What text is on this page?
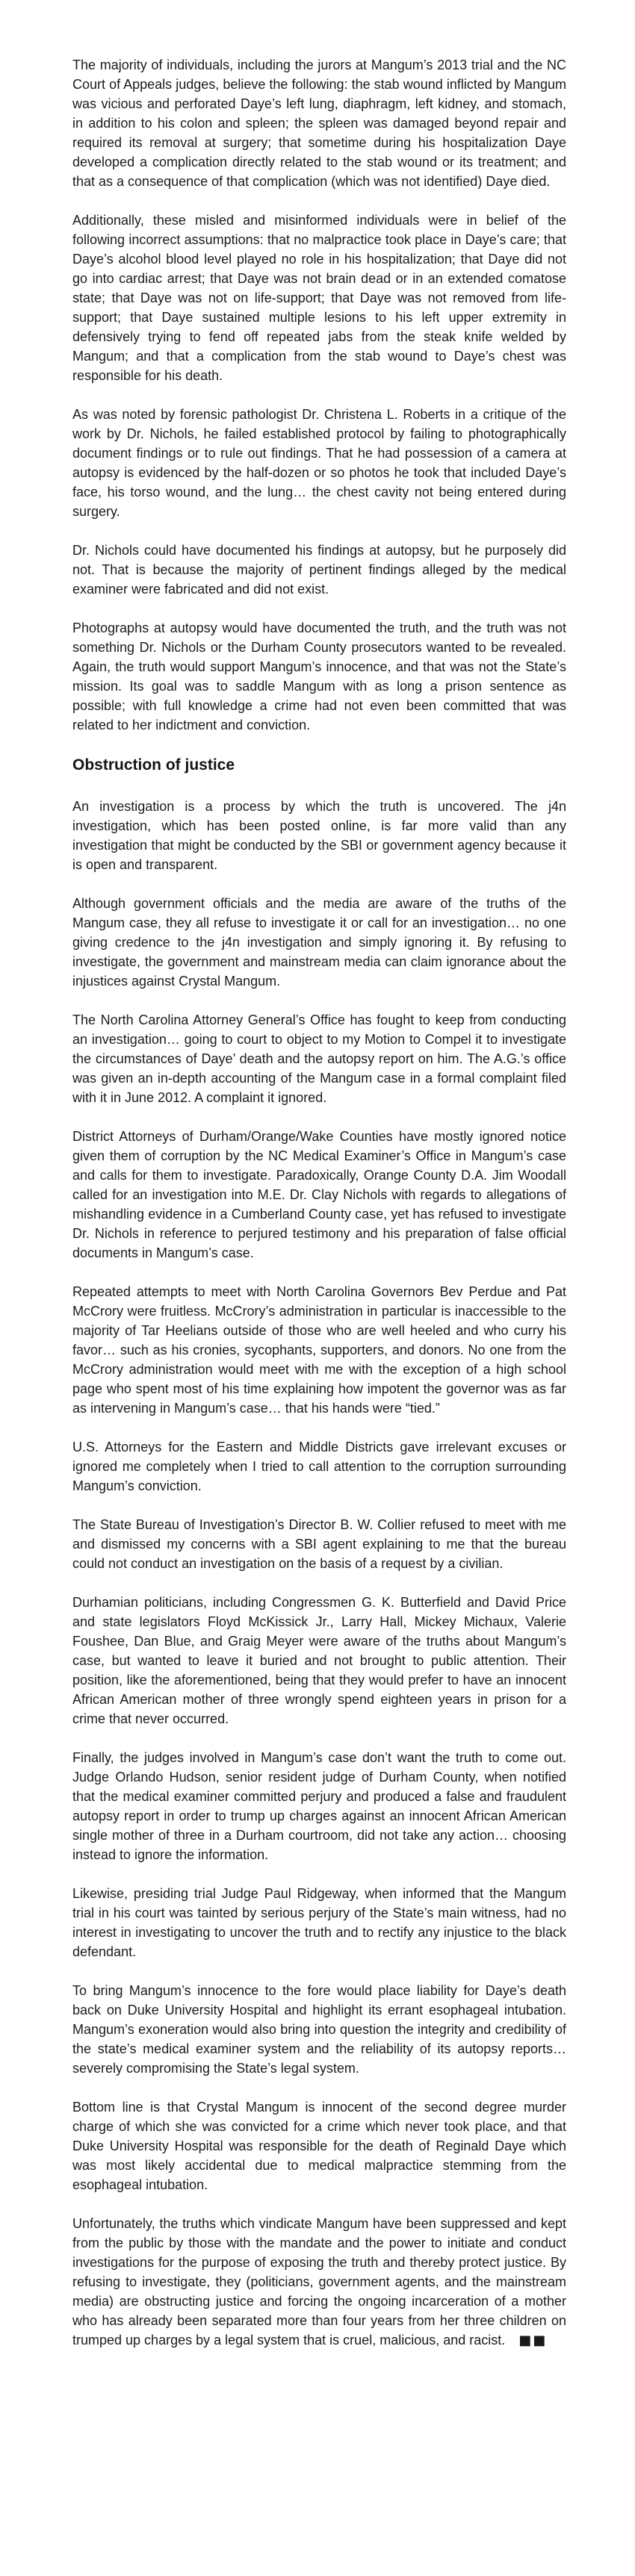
The majority of individuals, including the jurors at Mangum’s 2013 trial and the NC Court of Appeals judges, believe the following: the stab wound inflicted by Mangum was vicious and perforated Daye’s left lung, diaphragm, left kidney, and stomach, in addition to his colon and spleen; the spleen was damaged beyond repair and required its removal at surgery; that sometime during his hospitalization Daye developed a complication directly related to the stab wound or its treatment; and that as a consequence of that complication (which was not identified) Daye died.

Additionally, these misled and misinformed individuals were in belief of the following incorrect assumptions: that no malpractice took place in Daye’s care; that Daye’s alcohol blood level played no role in his hospitalization; that Daye did not go into cardiac arrest; that Daye was not brain dead or in an extended comatose state; that Daye was not on life-support; that Daye was not removed from life-support; that Daye sustained multiple lesions to his left upper extremity in defensively trying to fend off repeated jabs from the steak knife welded by Mangum; and that a complication from the stab wound to Daye’s chest was responsible for his death.

As was noted by forensic pathologist Dr. Christena L. Roberts in a critique of the work by Dr. Nichols, he failed established protocol by failing to photographically document findings or to rule out findings. That he had possession of a camera at autopsy is evidenced by the half-dozen or so photos he took that included Daye’s face, his torso wound, and the lung… the chest cavity not being entered during surgery.

Dr. Nichols could have documented his findings at autopsy, but he purposely did not. That is because the majority of pertinent findings alleged by the medical examiner were fabricated and did not exist.

Photographs at autopsy would have documented the truth, and the truth was not something Dr. Nichols or the Durham County prosecutors wanted to be revealed. Again, the truth would support Mangum’s innocence, and that was not the State’s mission. Its goal was to saddle Mangum with as long a prison sentence as possible; with full knowledge a crime had not even been committed that was related to her indictment and conviction.

Obstruction of justice

An investigation is a process by which the truth is uncovered. The j4n investigation, which has been posted online, is far more valid than any investigation that might be conducted by the SBI or government agency because it is open and transparent.

Although government officials and the media are aware of the truths of the Mangum case, they all refuse to investigate it or call for an investigation… no one giving credence to the j4n investigation and simply ignoring it. By refusing to investigate, the government and mainstream media can claim ignorance about the injustices against Crystal Mangum.

The North Carolina Attorney General’s Office has fought to keep from conducting an investigation… going to court to object to my Motion to Compel it to investigate the circumstances of Daye’ death and the autopsy report on him. The A.G.’s office was given an in-depth accounting of the Mangum case in a formal complaint filed with it in June 2012. A complaint it ignored.

District Attorneys of Durham/Orange/Wake Counties have mostly ignored notice given them of corruption by the NC Medical Examiner’s Office in Mangum’s case and calls for them to investigate. Paradoxically, Orange County D.A. Jim Woodall called for an investigation into M.E. Dr. Clay Nichols with regards to allegations of mishandling evidence in a Cumberland County case, yet has refused to investigate Dr. Nichols in reference to perjured testimony and his preparation of false official documents in Mangum’s case.

Repeated attempts to meet with North Carolina Governors Bev Perdue and Pat McCrory were fruitless. McCrory’s administration in particular is inaccessible to the majority of Tar Heelians outside of those who are well heeled and who curry his favor… such as his cronies, sycophants, supporters, and donors. No one from the McCrory administration would meet with me with the exception of a high school page who spent most of his time explaining how impotent the governor was as far as intervening in Mangum’s case… that his hands were “tied.”

U.S. Attorneys for the Eastern and Middle Districts gave irrelevant excuses or ignored me completely when I tried to call attention to the corruption surrounding Mangum’s conviction.

The State Bureau of Investigation’s Director B. W. Collier refused to meet with me and dismissed my concerns with a SBI agent explaining to me that the bureau could not conduct an investigation on the basis of a request by a civilian.

Durhamian politicians, including Congressmen G. K. Butterfield and David Price and state legislators Floyd McKissick Jr., Larry Hall, Mickey Michaux, Valerie Foushee, Dan Blue, and Graig Meyer were aware of the truths about Mangum’s case, but wanted to leave it buried and not brought to public attention. Their position, like the aforementioned, being that they would prefer to have an innocent African American mother of three wrongly spend eighteen years in prison for a crime that never occurred.

Finally, the judges involved in Mangum’s case don’t want the truth to come out. Judge Orlando Hudson, senior resident judge of Durham County, when notified that the medical examiner committed perjury and produced a false and fraudulent autopsy report in order to trump up charges against an innocent African American single mother of three in a Durham courtroom, did not take any action… choosing instead to ignore the information.

Likewise, presiding trial Judge Paul Ridgeway, when informed that the Mangum trial in his court was tainted by serious perjury of the State’s main witness, had no interest in investigating to uncover the truth and to rectify any injustice to the black defendant.

To bring Mangum’s innocence to the fore would place liability for Daye’s death back on Duke University Hospital and highlight its errant esophageal intubation. Mangum’s exoneration would also bring into question the integrity and credibility of the state’s medical examiner system and the reliability of its autopsy reports… severely compromising the State’s legal system.

Bottom line is that Crystal Mangum is innocent of the second degree murder charge of which she was convicted for a crime which never took place, and that Duke University Hospital was responsible for the death of Reginald Daye which was most likely accidental due to medical malpractice stemming from the esophageal intubation.

Unfortunately, the truths which vindicate Mangum have been suppressed and kept from the public by those with the mandate and the power to initiate and conduct investigations for the purpose of exposing the truth and thereby protect justice. By refusing to investigate, they (politicians, government agents, and the mainstream media) are obstructing justice and forcing the ongoing incarceration of a mother who has already been separated more than four years from her three children on trumped up charges by a legal system that is cruel, malicious, and racist. ■■
